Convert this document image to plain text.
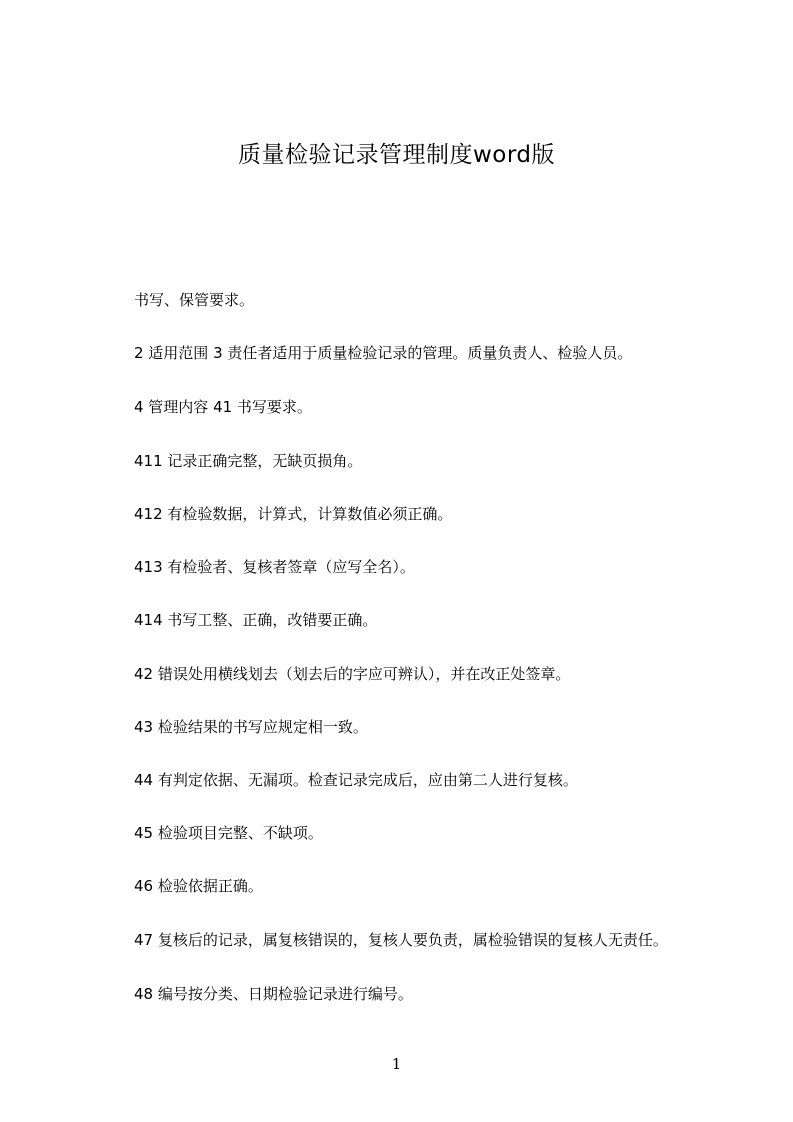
质量检验记录管理制度word版

书写、保管要求。

2 适用范围 3 责任者适用于质量检验记录的管理。质量负责人、检验人员。

4 管理内容 41 书写要求。

411 记录正确完整，无缺页损角。

412 有检验数据，计算式，计算数值必须正确。

413 有检验者、复核者签章（应写全名）。

414 书写工整、正确，改错要正确。

42 错误处用横线划去（划去后的字应可辨认），并在改正处签章。

43 检验结果的书写应规定相一致。

44 有判定依据、无漏项。检查记录完成后，应由第二人进行复核。

45 检验项目完整、不缺项。

46 检验依据正确。

47 复核后的记录，属复核错误的，复核人要负责，属检验错误的复核人无责任。

48 编号按分类、日期检验记录进行编号。

1
